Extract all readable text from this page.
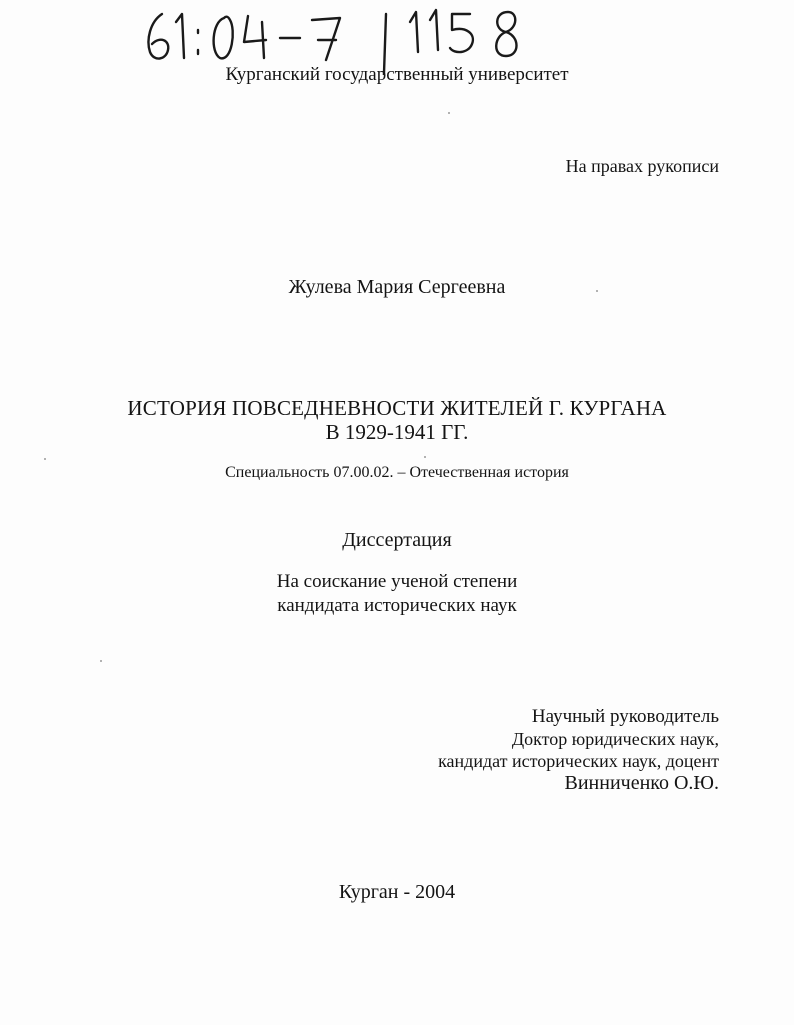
Курганский государственный университет
На правах рукописи
Жулева Мария Сергеевна
ИСТОРИЯ ПОВСЕДНЕВНОСТИ ЖИТЕЛЕЙ Г. КУРГАНА
В 1929-1941 ГГ.
Специальность 07.00.02. – Отечественная история
Диссертация
На соискание ученой степени
кандидата исторических наук
Научный руководитель
Доктор юридических наук,
кандидат исторических наук, доцент
Винниченко О.Ю.
Курган - 2004
